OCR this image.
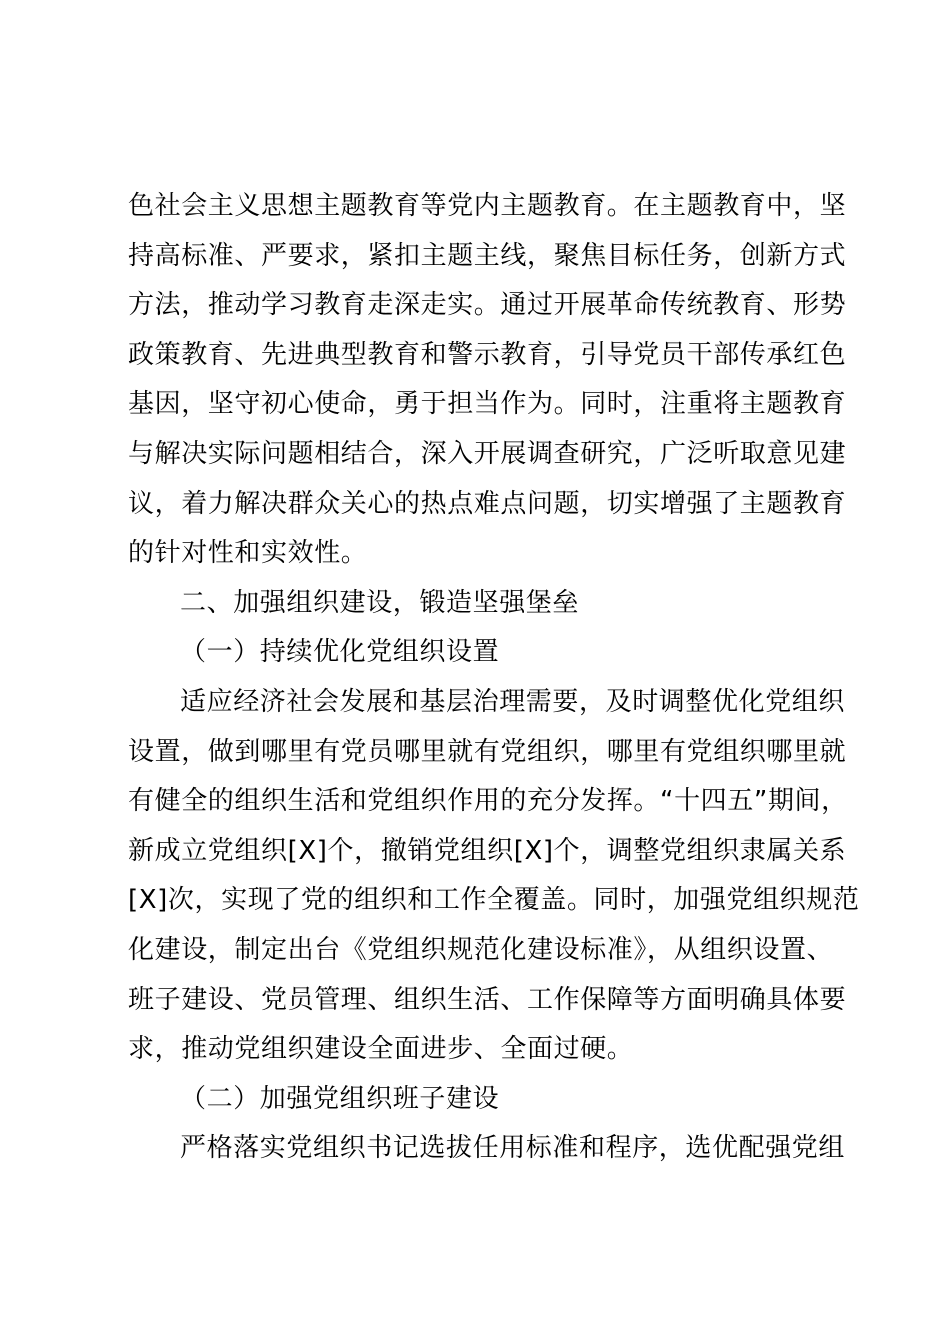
色社会主义思想主题教育等党内主题教育。在主题教育中，坚
持高标准、严要求，紧扣主题主线，聚焦目标任务，创新方式
方法，推动学习教育走深走实。通过开展革命传统教育、形势
政策教育、先进典型教育和警示教育，引导党员干部传承红色
基因，坚守初心使命，勇于担当作为。同时，注重将主题教育
与解决实际问题相结合，深入开展调查研究，广泛听取意见建
议，着力解决群众关心的热点难点问题，切实增强了主题教育
的针对性和实效性。
二、加强组织建设，锻造坚强堡垒
（一）持续优化党组织设置
适应经济社会发展和基层治理需要，及时调整优化党组织
设置，做到哪里有党员哪里就有党组织，哪里有党组织哪里就
有健全的组织生活和党组织作用的充分发挥。“十四五”期间，
新成立党组织[X]个，撤销党组织[X]个，调整党组织隶属关系
[X]次，实现了党的组织和工作全覆盖。同时，加强党组织规范
化建设，制定出台《党组织规范化建设标准》，从组织设置、
班子建设、党员管理、组织生活、工作保障等方面明确具体要
求，推动党组织建设全面进步、全面过硬。
（二）加强党组织班子建设
严格落实党组织书记选拔任用标准和程序，选优配强党组
